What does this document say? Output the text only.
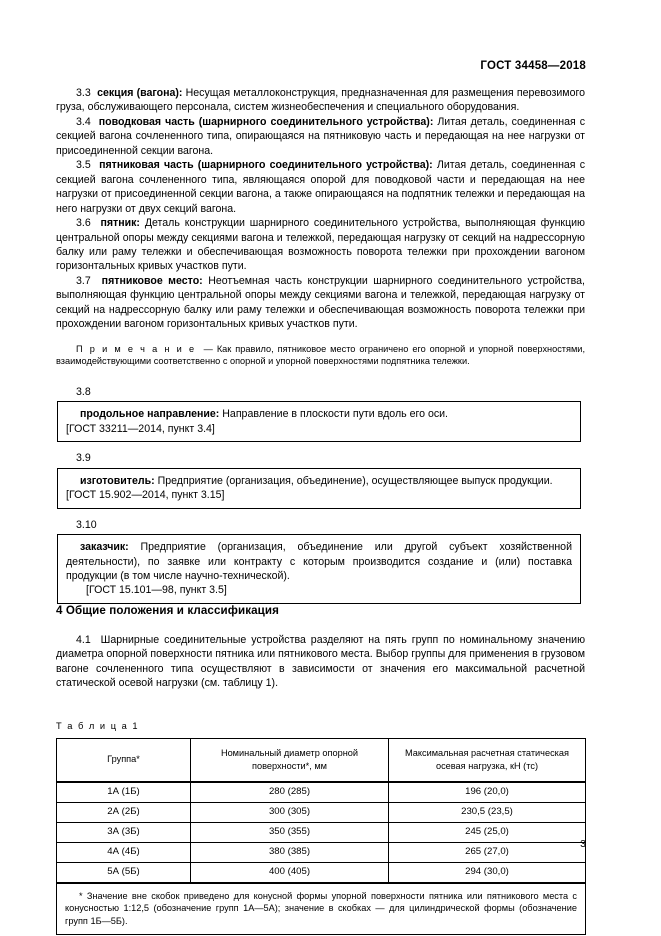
ГОСТ 34458—2018

3.3 секция (вагона): Несущая металлоконструкция, предназначенная для размещения перевозимого груза, обслуживающего персонала, систем жизнеобеспечения и специального оборудования.

3.4 поводковая часть (шарнирного соединительного устройства): Литая деталь, соединенная с секцией вагона сочлененного типа, опирающаяся на пятниковую часть и передающая на нее нагрузки от присоединенной секции вагона.

3.5 пятниковая часть (шарнирного соединительного устройства): Литая деталь, соединенная с секцией вагона сочлененного типа, являющаяся опорой для поводковой части и передающая на нее нагрузки от присоединенной секции вагона, а также опирающаяся на подпятник тележки и передающая на него нагрузки от двух секций вагона.

3.6 пятник: Деталь конструкции шарнирного соединительного устройства, выполняющая функцию центральной опоры между секциями вагона и тележкой, передающая нагрузку от секций на надрессорную балку или раму тележки и обеспечивающая возможность поворота тележки при прохождении вагоном горизонтальных кривых участков пути.

3.7 пятниковое место: Неотъемная часть конструкции шарнирного соединительного устройства, выполняющая функцию центральной опоры между секциями вагона и тележкой, передающая нагрузку от секций на надрессорную балку или раму тележки и обеспечивающая возможность поворота тележки при прохождении вагоном горизонтальных кривых участков пути.

П р и м е ч а н и е — Как правило, пятниковое место ограничено его опорной и упорной поверхностями, взаимодействующими соответственно с опорной и упорной поверхностями подпятника тележки.

3.8

продольное направление: Направление в плоскости пути вдоль его оси.

[ГОСТ 33211—2014, пункт 3.4]

3.9

изготовитель: Предприятие (организация, объединение), осуществляющее выпуск продукции.

[ГОСТ 15.902—2014, пункт 3.15]

3.10

заказчик: Предприятие (организация, объединение или другой субъект хозяйственной деятельности), по заявке или контракту с которым производится создание и (или) поставка продукции (в том числе научно-технической).

[ГОСТ 15.101—98, пункт 3.5]

4 Общие положения и классификация

4.1 Шарнирные соединительные устройства разделяют на пять групп по номинальному значению диаметра опорной поверхности пятника или пятникового места. Выбор группы для применения в грузовом вагоне сочлененного типа осуществляют в зависимости от значения его максимальной расчетной статической осевой нагрузки (см. таблицу 1).

Т а б л и ц а 1
Группа*	Номинальный диаметр опорной поверхности*, мм	Максимальная расчетная статическая осевая нагрузка, кН (тс)
1А (1Б)	280 (285)	196 (20,0)
2А (2Б)	300 (305)	230,5 (23,5)
3А (3Б)	350 (355)	245 (25,0)
4А (4Б)	380 (385)	265 (27,0)
5А (5Б)	400 (405)	294 (30,0)

* Значение вне скобок приведено для конусной формы упорной поверхности пятника или пятникового места с конусностью 1:12,5 (обозначение групп 1А—5А); значение в скобках — для цилиндрической формы (обозначение групп 1Б—5Б).		

3
